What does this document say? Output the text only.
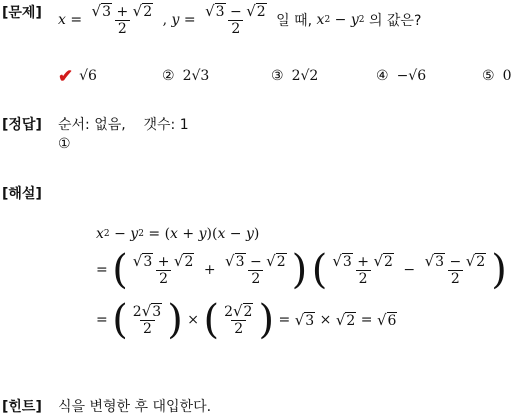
[문제] $x = \frac{√3 + √2}{2}$ , $y = \frac{√3 - √2}{2}$
일 때,
x 2 − y 2
의 값은?
✔ √6	② 2√3	③ 2√2	④ −√6	⑤ 0
[정답] 순서: 없음,    갯수: 1
①
[해설]
x 2 − y 2 = ( x + y )( x − y )
= ( $\frac{√3 + √2}{2} + \frac{√3 - √2}{2}$ )
( $\frac{√3 + √2}{2} - \frac{√3 - √2}{2}$ )
= ( $\frac{2√3}{2}$ ) × ( $\frac{2√2}{2}$ ) = √3 × √2 = √6
[힌트] 식을 변형한 후 대입한다.
